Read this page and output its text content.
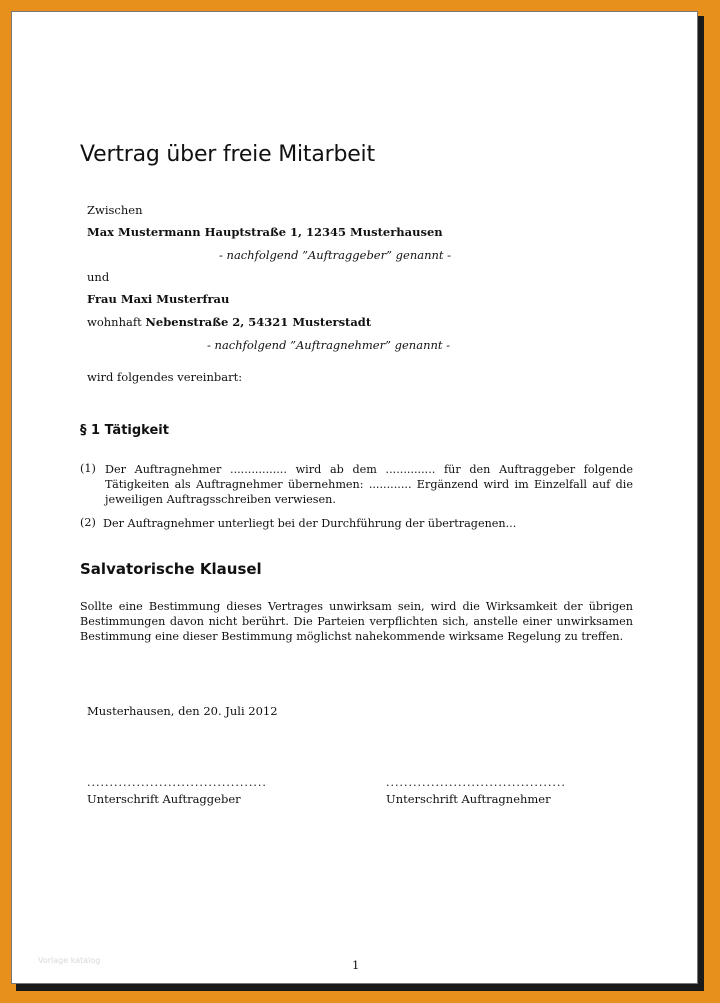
Vertrag über freie Mitarbeit
Zwischen
Max Mustermann Hauptstraße 1, 12345 Musterhausen
- nachfolgend ”Auftraggeber” genannt -
und
Frau Maxi Musterfrau
wohnhaft Nebenstraße 2, 54321 Musterstadt
- nachfolgend ”Auftragnehmer” genannt -
wird folgendes vereinbart:
§ 1 Tätigkeit
(1) Der Auftragnehmer ................ wird ab dem .............. für den Auftraggeber folgende Tätigkeiten als Auftragnehmer übernehmen: ............ Ergänzend wird im Einzelfall auf die jeweiligen Auftragsschreiben verwiesen.
(2) Der Auftragnehmer unterliegt bei der Durchführung der übertragenen...
Salvatorische Klausel
Sollte eine Bestimmung dieses Vertrages unwirksam sein, wird die Wirksamkeit der übrigen Bestimmungen davon nicht berührt. Die Parteien verpflichten sich, anstelle einer unwirksamen Bestimmung eine dieser Bestimmung möglichst nahekommende wirksame Regelung zu treffen.
Musterhausen, den 20. Juli 2012
........................................	........................................
Unterschrift Auftraggeber	Unterschrift Auftragnehmer
Vorlage katalog	1
